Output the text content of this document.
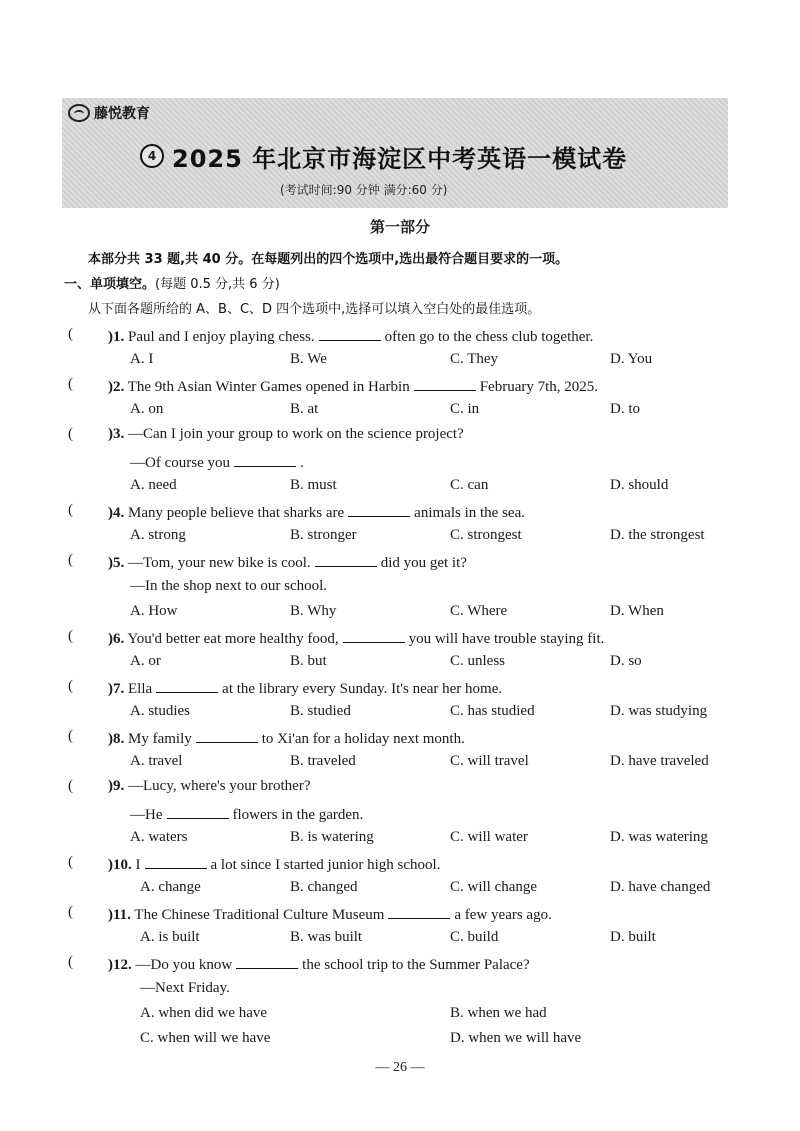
藤悦教育
4 2025 年北京市海淀区中考英语一模试卷
(考试时间:90 分钟 满分:60 分)
第一部分
本部分共 33 题,共 40 分。在每题列出的四个选项中,选出最符合题目要求的一项。
一、单项填空。(每题 0.5 分,共 6 分)
从下面各题所给的 A、B、C、D 四个选项中,选择可以填入空白处的最佳选项。
( )1. Paul and I enjoy playing chess.	often go to the chess club together.
A. I	B. We	C. They	D. You
( )2. The 9th Asian Winter Games opened in Harbin	February 7th, 2025.
A. on	B. at	C. in	D. to
( )3. —Can I join your group to work on the science project?
—Of course you	.
A. need	B. must	C. can	D. should
( )4. Many people believe that sharks are	animals in the sea.
A. strong	B. stronger	C. strongest	D. the strongest
( )5. —Tom, your new bike is cool.	did you get it?
—In the shop next to our school.
A. How	B. Why	C. Where	D. When
( )6. You'd better eat more healthy food,	you will have trouble staying fit.
A. or	B. but	C. unless	D. so
( )7. Ella	at the library every Sunday. It's near her home.
A. studies	B. studied	C. has studied	D. was studying
( )8. My family	to Xi'an for a holiday next month.
A. travel	B. traveled	C. will travel	D. have traveled
( )9. —Lucy, where's your brother?
—He	flowers in the garden.
A. waters	B. is watering	C. will water	D. was watering
( )10. I	a lot since I started junior high school.
A. change	B. changed	C. will change	D. have changed
( )11. The Chinese Traditional Culture Museum	a few years ago.
A. is built	B. was built	C. build	D. built
( )12. —Do you know	the school trip to the Summer Palace?
—Next Friday.
A. when did we have	B. when we had
C. when will we have	D. when we will have
— 26 —
